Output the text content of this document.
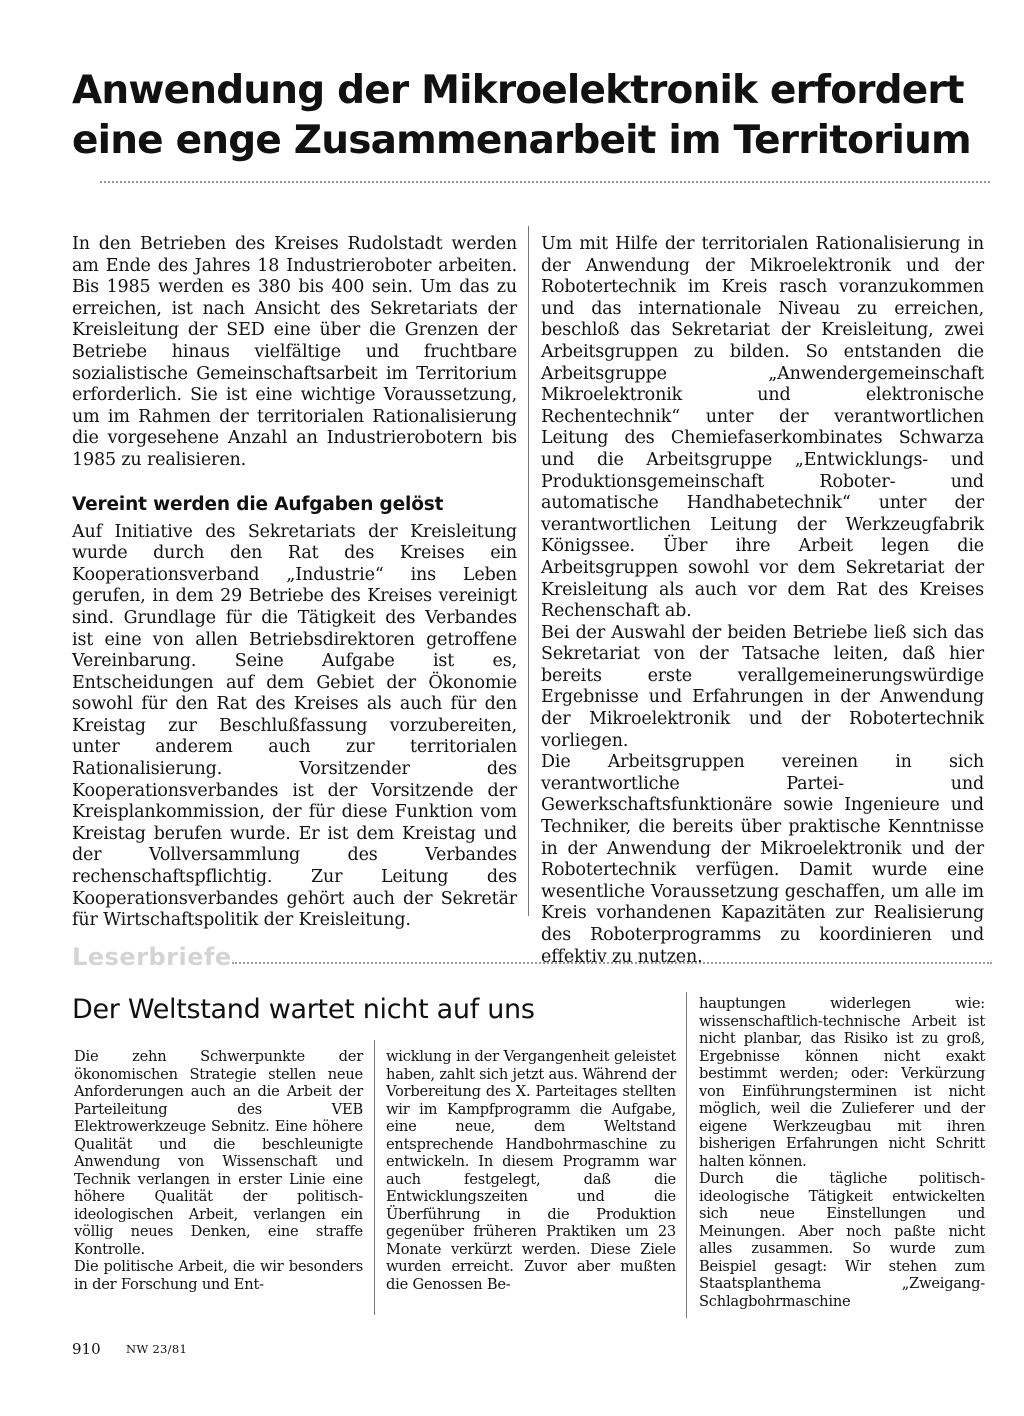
Anwendung der Mikroelektronik erfordert
eine enge Zusammenarbeit im Territorium

In den Betrieben des Kreises Rudolstadt werden am Ende des Jahres 18 Industrieroboter arbeiten. Bis 1985 werden es 380 bis 400 sein. Um das zu erreichen, ist nach Ansicht des Sekretariats der Kreisleitung der SED eine über die Grenzen der Betriebe hinaus vielfältige und fruchtbare sozialistische Gemeinschaftsarbeit im Territorium erforderlich. Sie ist eine wichtige Voraussetzung, um im Rahmen der territorialen Rationalisierung die vorgesehene Anzahl an Industrierobotern bis 1985 zu realisieren.

Vereint werden die Aufgaben gelöst

Auf Initiative des Sekretariats der Kreisleitung wurde durch den Rat des Kreises ein Kooperationsverband „Industrie“ ins Leben gerufen, in dem 29 Betriebe des Kreises vereinigt sind. Grundlage für die Tätigkeit des Verbandes ist eine von allen Betriebsdirektoren getroffene Vereinbarung. Seine Aufgabe ist es, Entscheidungen auf dem Gebiet der Ökonomie sowohl für den Rat des Kreises als auch für den Kreistag zur Beschlußfassung vorzubereiten, unter anderem auch zur territorialen Rationalisierung. Vorsitzender des Kooperationsverbandes ist der Vorsitzende der Kreisplankommission, der für diese Funktion vom Kreistag berufen wurde. Er ist dem Kreistag und der Vollversammlung des Verbandes rechenschaftspflichtig. Zur Leitung des Kooperationsverbandes gehört auch der Sekretär für Wirtschaftspolitik der Kreisleitung.

Um mit Hilfe der territorialen Rationalisierung in der Anwendung der Mikroelektronik und der Robotertechnik im Kreis rasch voranzukommen und das internationale Niveau zu erreichen, beschloß das Sekretariat der Kreisleitung, zwei Arbeitsgruppen zu bilden. So entstanden die Arbeitsgruppe „Anwendergemeinschaft Mikroelektronik und elektronische Rechentechnik“ unter der verantwortlichen Leitung des Chemiefaserkombinates Schwarza und die Arbeitsgruppe „Entwicklungs- und Produktionsgemeinschaft Roboter- und automatische Handhabetechnik“ unter der verantwortlichen Leitung der Werkzeugfabrik Königssee. Über ihre Arbeit legen die Arbeitsgruppen sowohl vor dem Sekretariat der Kreisleitung als auch vor dem Rat des Kreises Rechenschaft ab.

Bei der Auswahl der beiden Betriebe ließ sich das Sekretariat von der Tatsache leiten, daß hier bereits erste verallgemeinerungswürdige Ergebnisse und Erfahrungen in der Anwendung der Mikroelektronik und der Robotertechnik vorliegen.

Die Arbeitsgruppen vereinen in sich verantwortliche Partei- und Gewerkschaftsfunktionäre sowie Ingenieure und Techniker, die bereits über praktische Kenntnisse in der Anwendung der Mikroelektronik und der Robotertechnik verfügen. Damit wurde eine wesentliche Voraussetzung geschaffen, um alle im Kreis vorhandenen Kapazitäten zur Realisierung des Roboterprogramms zu koordinieren und effektiv zu nutzen.

Leserbriefe
Der Weltstand wartet nicht auf uns

Die zehn Schwerpunkte der ökonomischen Strategie stellen neue Anforderungen auch an die Arbeit der Parteileitung des VEB Elektrowerkzeuge Sebnitz. Eine höhere Qualität und die beschleunigte Anwendung von Wissenschaft und Technik verlangen in erster Linie eine höhere Qualität der politisch-ideologischen Arbeit, verlangen ein völlig neues Denken, eine straffe Kontrolle.

Die politische Arbeit, die wir besonders in der Forschung und Ent-

wicklung in der Vergangenheit geleistet haben, zahlt sich jetzt aus. Während der Vorbereitung des X. Parteitages stellten wir im Kampfprogramm die Aufgabe, eine neue, dem Weltstand entsprechende Handbohrmaschine zu entwickeln. In diesem Programm war auch festgelegt, daß die Entwicklungszeiten und die Überführung in die Produktion gegenüber früheren Praktiken um 23 Monate verkürzt werden. Diese Ziele wurden erreicht. Zuvor aber mußten die Genossen Be-

hauptungen widerlegen wie: wissenschaftlich-technische Arbeit ist nicht planbar, das Risiko ist zu groß, Ergebnisse können nicht exakt bestimmt werden; oder: Verkürzung von Einführungsterminen ist nicht möglich, weil die Zulieferer und der eigene Werkzeugbau mit ihren bisherigen Erfahrungen nicht Schritt halten können.

Durch die tägliche politisch-ideologische Tätigkeit entwickelten sich neue Einstellungen und Meinungen. Aber noch paßte nicht alles zusammen. So wurde zum Beispiel gesagt: Wir stehen zum Staatsplanthema „Zweigang-Schlagbohrmaschine

910 NW 23/81
